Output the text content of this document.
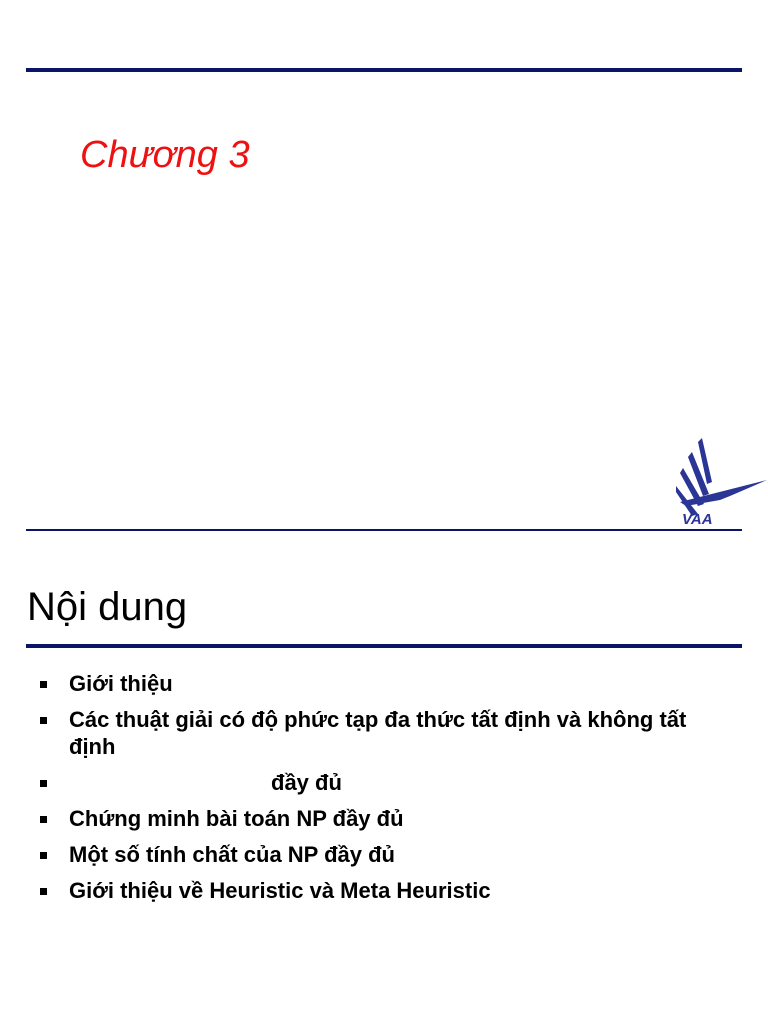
Chương 3
VAA
Nội dung
Giới thiệu
Các thuật giải có độ phức tạp đa thức tất định và không tất định
đầy đủ
Chứng minh bài toán NP đầy đủ
Một số tính chất của NP đầy đủ
Giới thiệu về Heuristic và Meta Heuristic
